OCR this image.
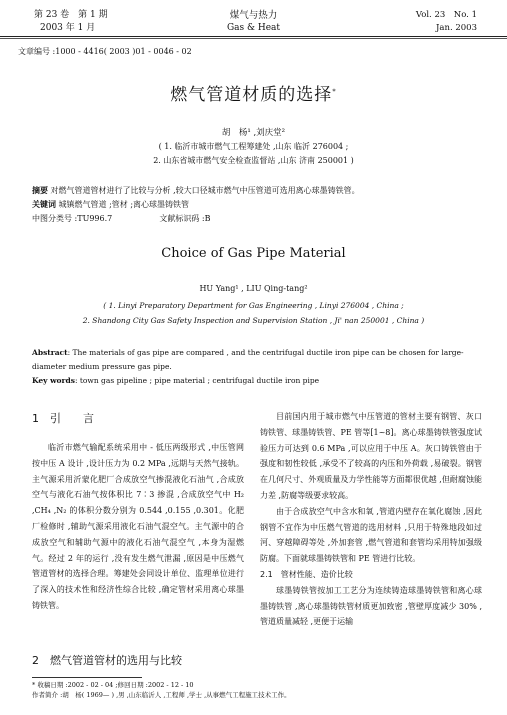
第 23 卷　第 1 期
2003 年 1 月
煤气与热力
Gas & Heat
Vol. 23　No. 1
Jan. 2003
文章编号 :1000 - 4416( 2003 )01 - 0046 - 02
燃气管道材质的选择*
胡　杨¹ ,刘庆堂²
( 1. 临沂市城市燃气工程筹建处 ,山东 临沂 276004 ;
2. 山东省城市燃气安全检查监督站 ,山东 济南 250001 )
摘要 对燃气管道管材进行了比较与分析 ,较大口径城市燃气中压管道可选用离心球墨铸铁管。
关键词 城镇燃气管道 ;管材 ;离心球墨铸铁管
中图分类号 :TU996.7	文献标识码 :B
Choice of Gas Pipe Material
HU Yang¹ , LIU Qing-tang²
( 1. Linyi Preparatory Department for Gas Engineering , Linyi 276004 , China ;
2. Shandong City Gas Safety Inspection and Supervision Station , Ji' nan 250001 , China )
Abstract: The materials of gas pipe are compared , and the centrifugal ductile iron pipe can be chosen for large-diameter medium pressure gas pipe.
Key words: town gas pipeline ; pipe material ; centrifugal ductile iron pipe
1　引　　言

临沂市燃气输配系统采用中 - 低压两级形式 ,中压管网按中压 A 设计 ,设计压力为 0.2 MPa ,远期与天然气接轨。主气源采用沂蒙化肥厂合成放空气掺混液化石油气 ,合成放空气与液化石油气按体积比 7∶3 掺混 ,合成放空气中 H₂ ,CH₄ ,N₂ 的体积分数分别为 0.544 ,0.155 ,0.301。化肥厂检修时 ,辅助气源采用液化石油气混空气。主气源中的合成放空气和辅助气源中的液化石油气混空气 ,本身为湿燃气。经过 2 年的运行 ,没有发生燃气泄漏 ,原因是中压燃气管道管材的选择合理。筹建处会同设计单位、监理单位进行了深入的技术性和经济性综合比较 ,确定管材采用离心球墨铸铁管。

2　燃气管道管材的选用与比较

目前国内用于城市燃气中压管道的管材主要有钢管、灰口铸铁管、球墨铸铁管、PE 管等[1~8]。离心球墨铸铁管强度试验压力可达到 0.6 MPa ,可以应用于中压 A。灰口铸铁管由于强度和韧性较低 ,承受不了较高的内压和外荷载 ,易破裂。钢管在几何尺寸、外观质量及力学性能等方面都很优越 ,但耐腐蚀能力差 ,防腐等级要求较高。

由于合成放空气中含水和氧 ,管道内壁存在氧化腐蚀 ,因此钢管不宜作为中压燃气管道的选用材料 ,只用于特殊地段如过河、穿越障碍等处 ,外加套管 ,燃气管道和套管均采用特加强级防腐。下面就球墨铸铁管和 PE 管进行比较。

2.1　管材性能、造价比较

球墨铸铁管按加工工艺分为连续铸造球墨铸铁管和离心球墨铸铁管 ,离心球墨铸铁管材质更加致密 ,管壁厚度减少 30% ,管道质量减轻 ,更便于运输

* 收稿日期 :2002 - 02 - 04 ;修回日期 :2002 - 12 - 10
作者简介 :胡　杨( 1969— ) ,男 ,山东临沂人 ,工程师 ,学士 ,从事燃气工程施工技术工作。
